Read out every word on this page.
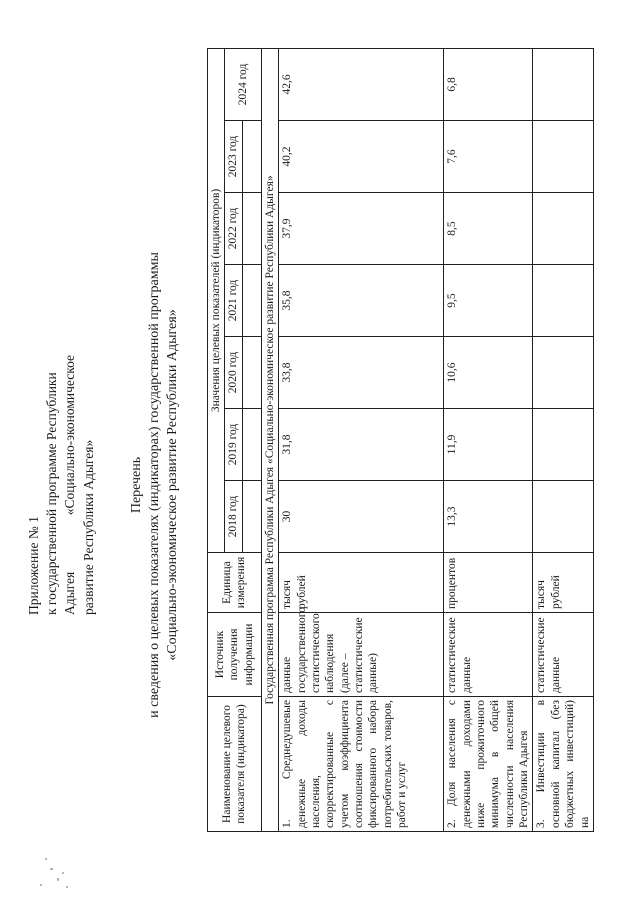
Приложение № 1 к государственной программе Республики Адыгея
«Социально-экономическое
развитие Республики Адыгея» Перечень и сведения о целевых показателях (индикаторах) государственной программы «Социально-экономическое развитие Республики Адыгея»
Наименование целевого показателя (индикатора)	Источник получения информации	Единица измерения	Значения целевых показателей (индикаторов)						
			2018 год	2019 год	2020 год	2021 год	2022 год	2023 год	2024 год

Государственная программа Республики Адыгея «Социально-экономическое развитие Республики Адыгея»									
1. Среднедушевые денежные доходы населения, скорректированные с учетом коэффициента соотношения стоимости фиксированного набора потребительских товаров, работ и услуг	данные государственного статистического наблюдения (далее – статистические данные)	тысяч рублей	30	31,8	33,8	35,8	37,9	40,2	42,6
2. Доля населения с денежными доходами ниже прожиточного минимума в общей численности населения Республики Адыгея	статистические данные	процентов	13,3	11,9	10,6	9,5	8,5	7,6	6,8
3. Инвестиции в основной капитал (без бюджетных инвестиций) на	статистические данные	тысяч рублей							
